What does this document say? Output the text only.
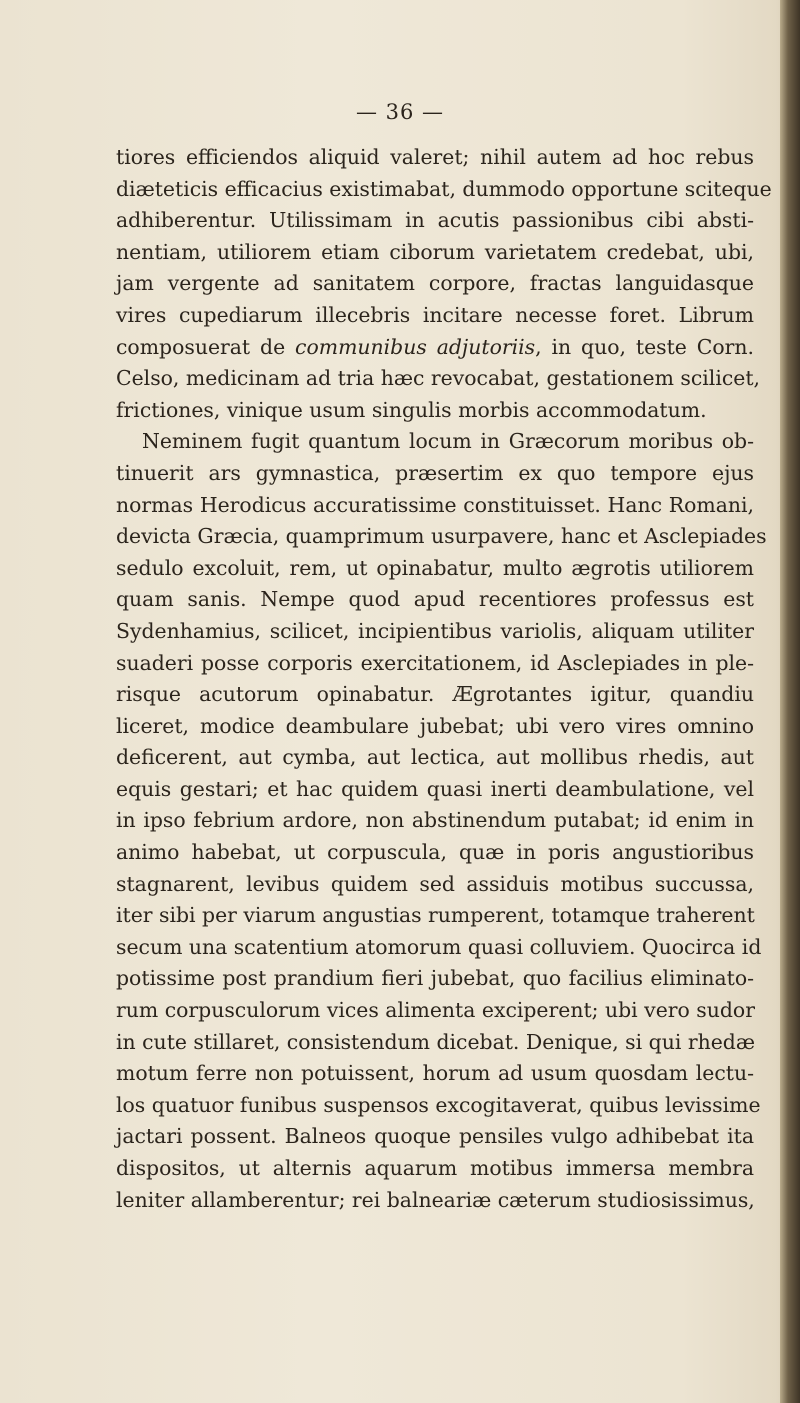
— 36 —
tiores efficiendos aliquid valeret; nihil autem ad hoc rebus
diæteticis efficacius existimabat, dummodo opportune sciteque
adhiberentur. Utilissimam in acutis passionibus cibi absti-
nentiam, utiliorem etiam ciborum varietatem credebat, ubi,
jam vergente ad sanitatem corpore, fractas languidasque
vires cupediarum illecebris incitare necesse foret. Librum
composuerat de communibus adjutoriis, in quo, teste Corn.
Celso, medicinam ad tria hæc revocabat, gestationem scilicet,
frictiones, vinique usum singulis morbis accommodatum.
Neminem fugit quantum locum in Græcorum moribus ob-
tinuerit ars gymnastica, præsertim ex quo tempore ejus
normas Herodicus accuratissime constituisset. Hanc Romani,
devicta Græcia, quamprimum usurpavere, hanc et Asclepiades
sedulo excoluit, rem, ut opinabatur, multo ægrotis utiliorem
quam sanis. Nempe quod apud recentiores professus est
Sydenhamius, scilicet, incipientibus variolis, aliquam utiliter
suaderi posse corporis exercitationem, id Asclepiades in ple-
risque acutorum opinabatur. Ægrotantes igitur, quandiu
liceret, modice deambulare jubebat; ubi vero vires omnino
deficerent, aut cymba, aut lectica, aut mollibus rhedis, aut
equis gestari; et hac quidem quasi inerti deambulatione, vel
in ipso febrium ardore, non abstinendum putabat; id enim in
animo habebat, ut corpuscula, quæ in poris angustioribus
stagnarent, levibus quidem sed assiduis motibus succussa,
iter sibi per viarum angustias rumperent, totamque traherent
secum una scatentium atomorum quasi colluviem. Quocirca id
potissime post prandium fieri jubebat, quo facilius eliminato-
rum corpusculorum vices alimenta exciperent; ubi vero sudor
in cute stillaret, consistendum dicebat. Denique, si qui rhedæ
motum ferre non potuissent, horum ad usum quosdam lectu-
los quatuor funibus suspensos excogitaverat, quibus levissime
jactari possent. Balneos quoque pensiles vulgo adhibebat ita
dispositos, ut alternis aquarum motibus immersa membra
leniter allamberentur; rei balneariæ cæterum studiosissimus,
